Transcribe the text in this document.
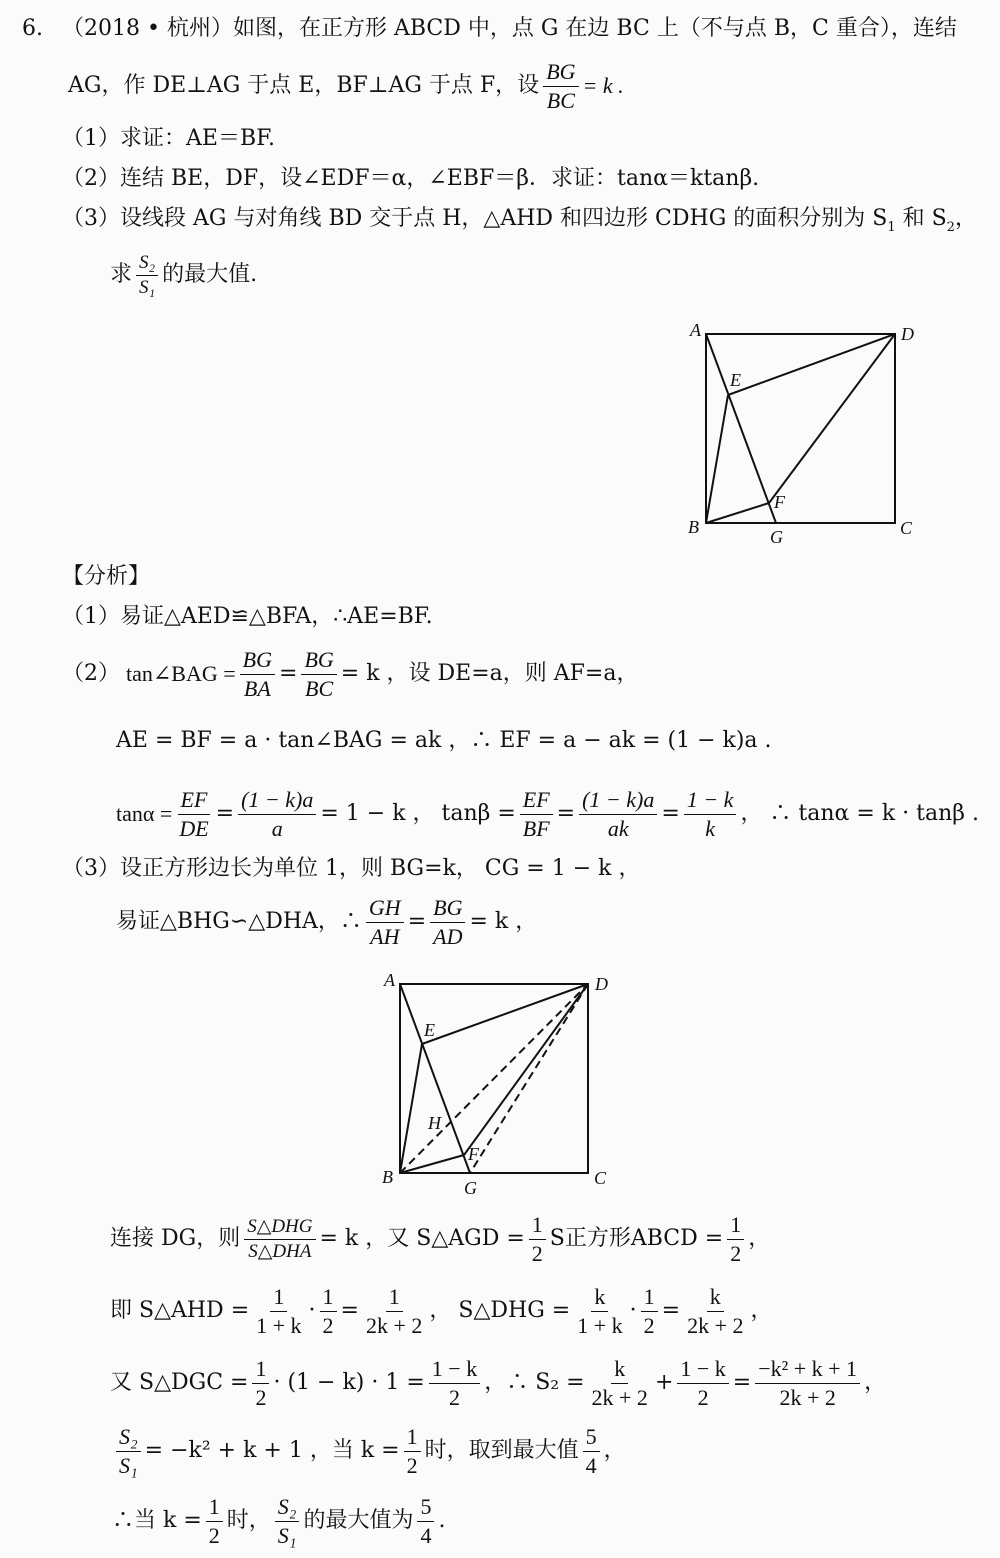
6. （2018 • 杭州）如图，在正方形 ABCD 中，点 G 在边 BC 上（不与点 B，C 重合），连结
AG，作 DE⊥AG 于点 E，BF⊥AG 于点 F，设 $\frac{BG}{BC} = k$ .
（1）求证：AE＝BF.
（2）连结 BE，DF，设∠EDF＝α，∠EBF＝β．求证：tanα＝ktanβ.
（3）设线段 AG 与对角线 BD 交于点 H，△AHD 和四边形 CDHG 的面积分别为 $S_1$ 和 $S_2$，
求 $\frac{\text{S₂}}{\text{S₁}}$ 的最大值.
A	D
B	C
E
F
G
【分析】
（1）易证△AED≌△BFA，∴AE=BF.
（2） tan∠BAG = $\frac{BG}{BA} = \frac{BG}{BC} = k$ ，设 DE=a，则 AF=a，
AE = BF = a · tan∠BAG = ak ，∴ EF = a − ak = (1 − k)a .
$\tan\alpha = \frac{EF}{DE} = \frac{(1 - k)a}{a} = 1 - k$ ， $\tan\beta = \frac{EF}{BF} = \frac{(1 - k)a}{ak} = \frac{1 - k}{k}$ ， ∴ tanα = k · tanβ .
（3）设正方形边长为单位 1，则 BG=k， CG = 1 − k ，
易证△BHG∽△DHA，∴ $\frac{GH}{AH} = \frac{BG}{AD} = k$ ，
A	D
B	C
E
H
F
G
连接 DG，则 $\frac{\text{S△DHG}}{\text{S△DHA}} = k$ ，又 S△AGD = $\frac{1}{2}$ S正方形ABCD = $\frac{1}{2}$ ，
即 S△AHD = $\frac{1}{1 + k} \cdot \frac{1}{2} = \frac{1}{2k + 2}$ ， S△DHG = $\frac{k}{1 + k} \cdot \frac{1}{2} = \frac{k}{2k + 2}$ ，
又 S△DGC = $\frac{1}{2} \cdot (1 - k) \cdot 1 = \frac{1 - k}{2}$ ，∴ $S_2 = \frac{k}{2k + 2} + \frac{1 - k}{2} = \frac{\text{−k² + k + 1}}{2k + 2}$ ，
$\frac{\text{S₂}}{\text{S₁}} = -k^2 + k + 1$ ，当 $k = \frac{1}{2}$ 时，取到最大值 $\frac{5}{4}$ ，
∴当 $k = \frac{1}{2}$ 时， $\frac{\text{S₂}}{\text{S₁}}$ 的最大值为 $\frac{5}{4}$ .
